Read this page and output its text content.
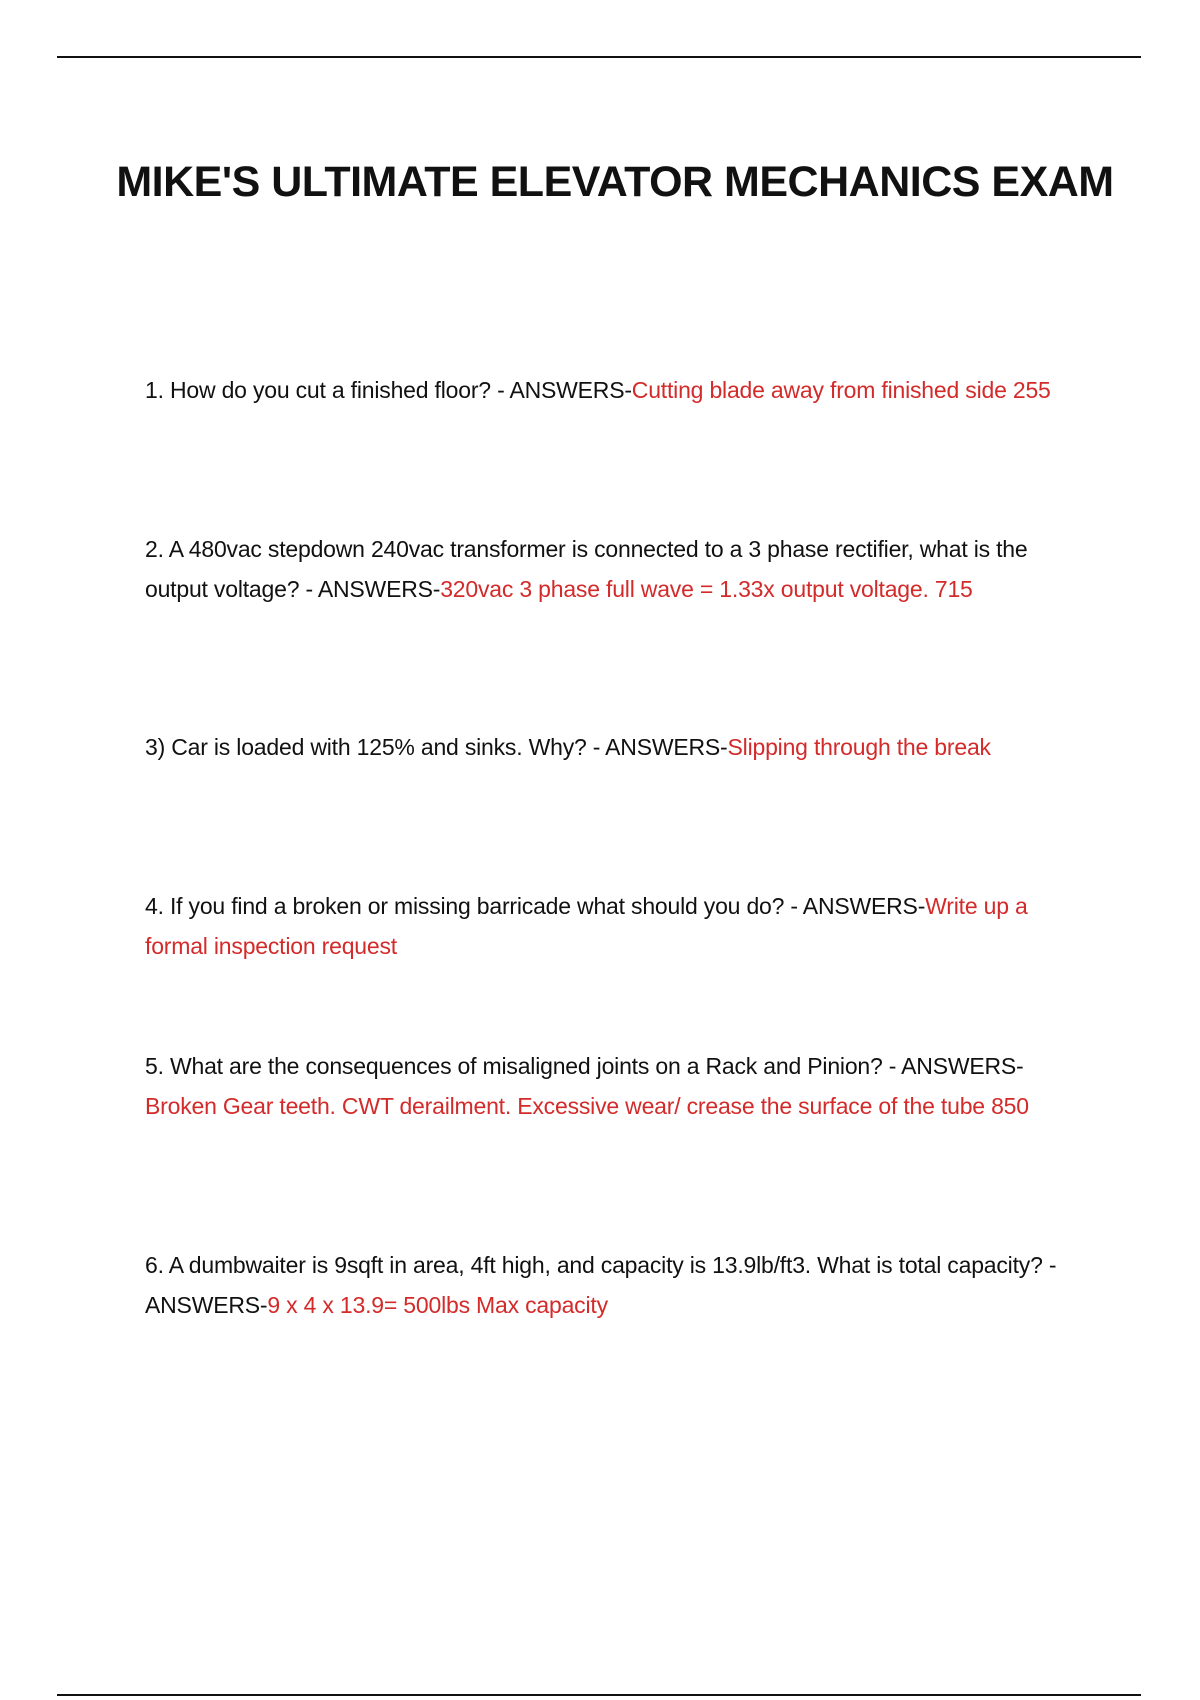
MIKE'S ULTIMATE ELEVATOR MECHANICS EXAM
1. How do you cut a finished floor? - ANSWERS-Cutting blade away from finished side 255
2. A 480vac stepdown 240vac transformer is connected to a 3 phase rectifier, what is the output voltage? - ANSWERS-320vac 3 phase full wave = 1.33x output voltage. 715
3) Car is loaded with 125% and sinks. Why? - ANSWERS-Slipping through the break
4. If you find a broken or missing barricade what should you do? - ANSWERS-Write up a formal inspection request
5. What are the consequences of misaligned joints on a Rack and Pinion? - ANSWERS-Broken Gear teeth. CWT derailment. Excessive wear/ crease the surface of the tube 850
6. A dumbwaiter is 9sqft in area, 4ft high, and capacity is 13.9lb/ft3. What is total capacity? - ANSWERS-9 x 4 x 13.9= 500lbs Max capacity
